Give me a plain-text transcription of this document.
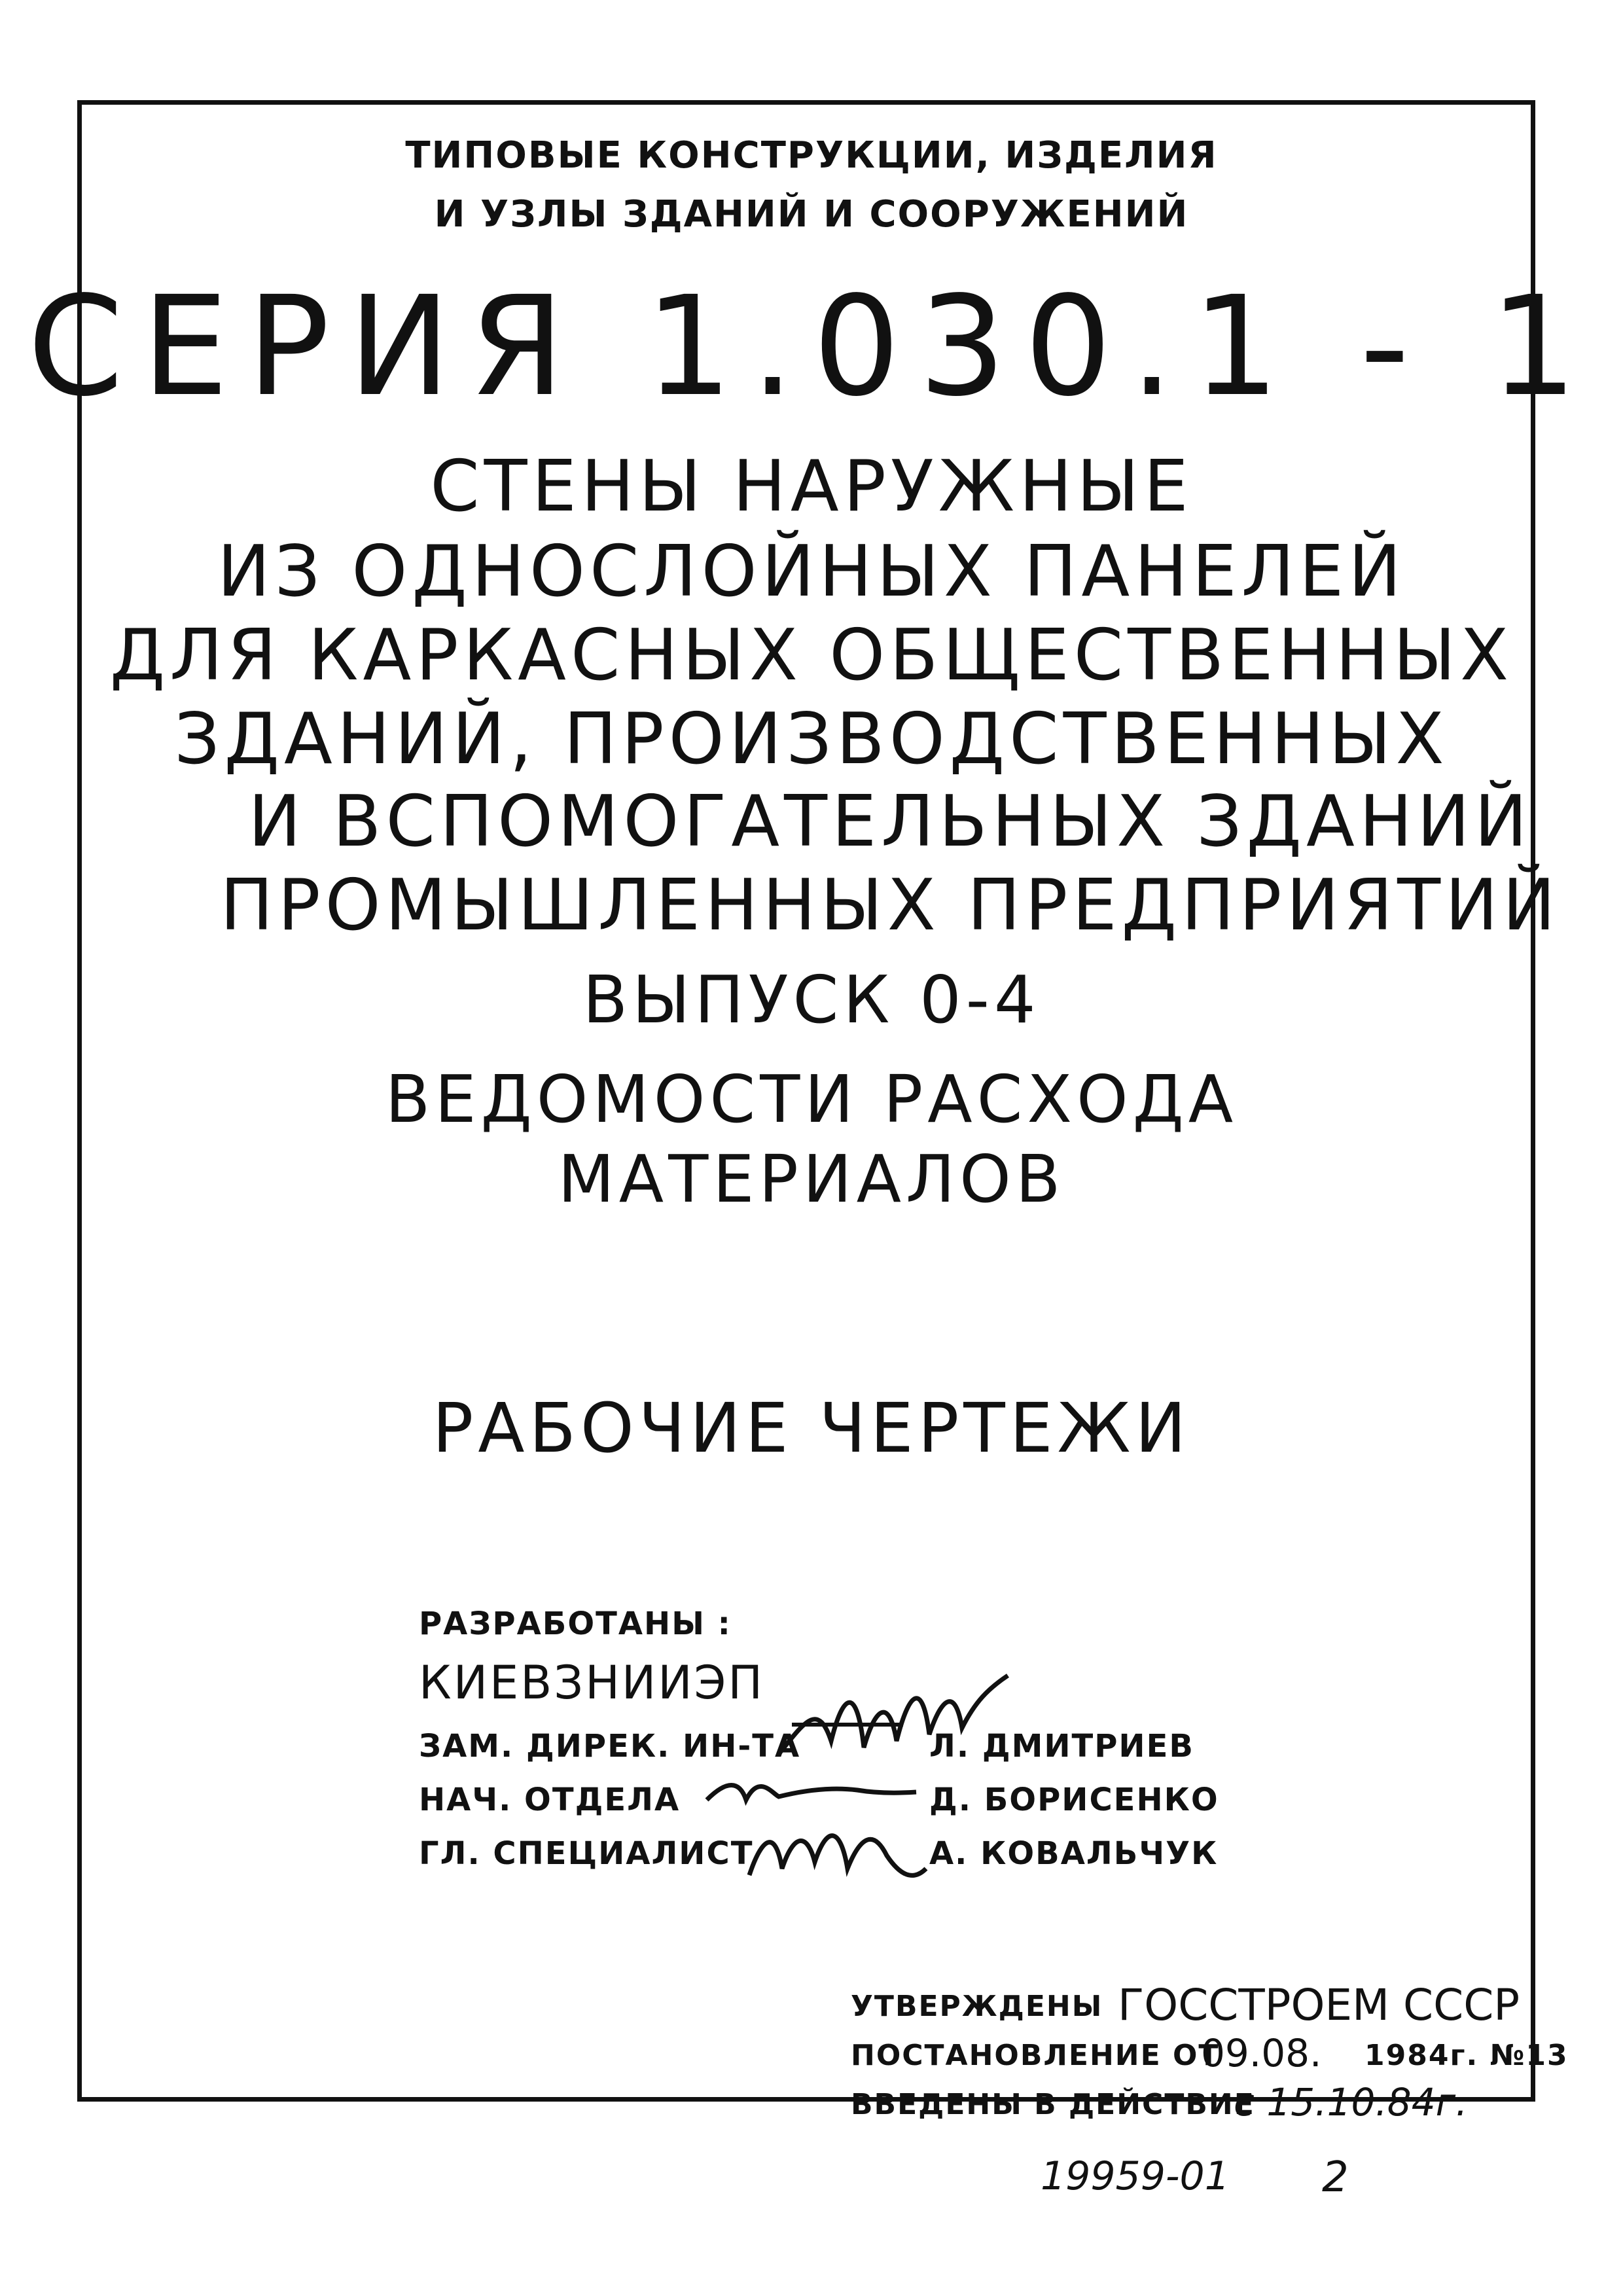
ТИПОВЫЕ КОНСТРУКЦИИ, ИЗДЕЛИЯ
И УЗЛЫ ЗДАНИЙ И СООРУЖЕНИЙ
СЕРИЯ 1.030.1 - 1
СТЕНЫ НАРУЖНЫЕ
ИЗ ОДНОСЛОЙНЫХ ПАНЕЛЕЙ
ДЛЯ КАРКАСНЫХ ОБЩЕСТВЕННЫХ
ЗДАНИЙ, ПРОИЗВОДСТВЕННЫХ
И ВСПОМОГАТЕЛЬНЫХ ЗДАНИЙ
ПРОМЫШЛЕННЫХ ПРЕДПРИЯТИЙ
ВЫПУСК 0-4
ВЕДОМОСТИ РАСХОДА
МАТЕРИАЛОВ
РАБОЧИЕ ЧЕРТЕЖИ
РАЗРАБОТАНЫ :
КИЕВЗНИИЭП
ЗАМ. ДИРЕК. ИН-ТА	Л. ДМИТРИЕВ
НАЧ. ОТДЕЛА	Д. БОРИСЕНКО
ГЛ. СПЕЦИАЛИСТ	А. КОВАЛЬЧУК
УТВЕРЖДЕНЫ ГОССТРОЕМ СССР
ПОСТАНОВЛЕНИЕ ОТ
09.08. 1984г. №13
ВВЕДЕНЫ В ДЕЙСТВИЕ
с 15.10.84г.
19959-01 2
